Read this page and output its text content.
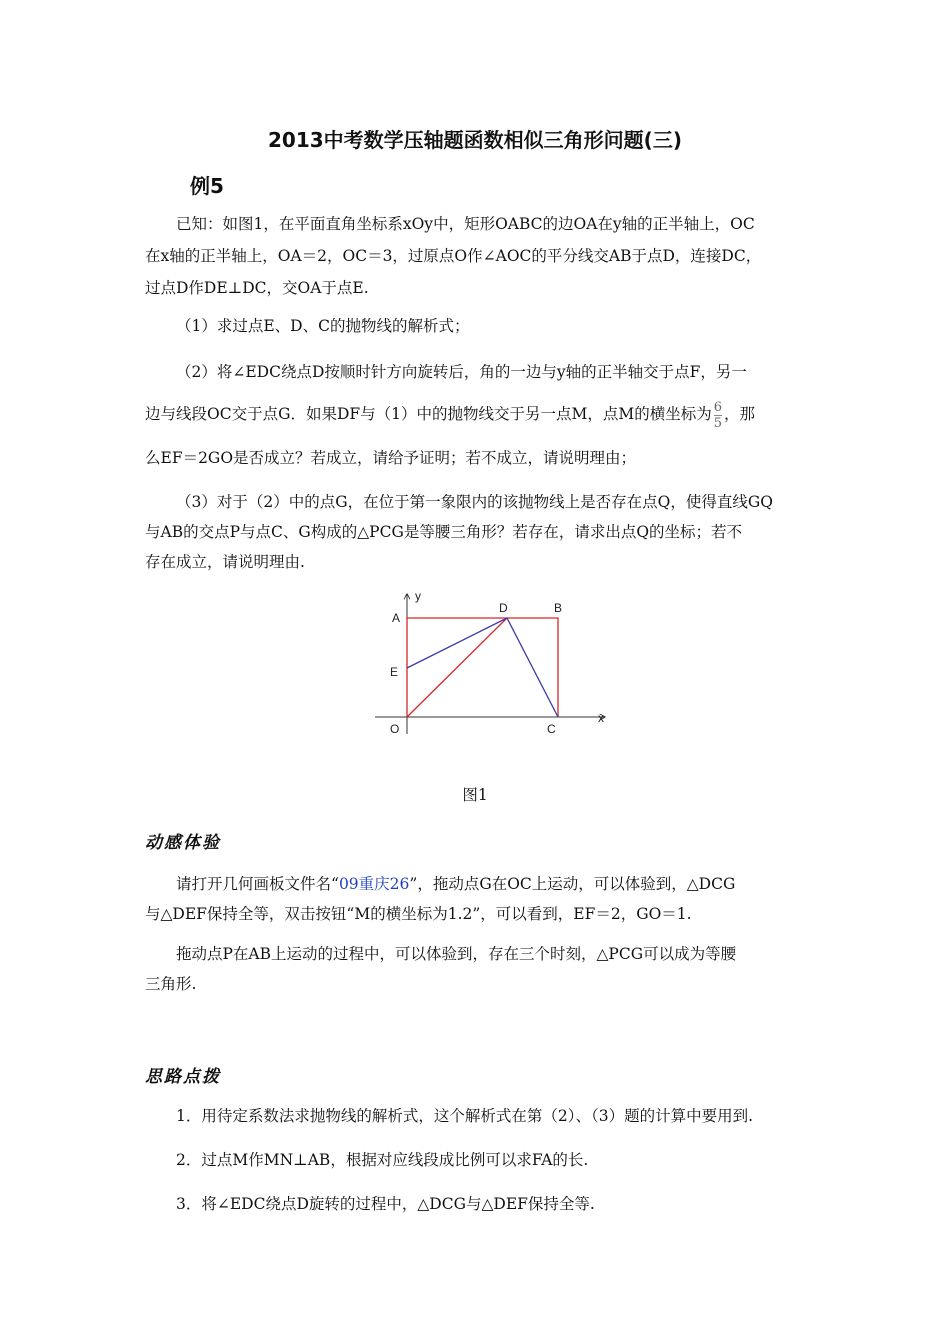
2013中考数学压轴题函数相似三角形问题(三)
例5
已知：如图1，在平面直角坐标系xOy中，矩形OABC的边OA在y轴的正半轴上，OC
在x轴的正半轴上，OA＝2，OC＝3，过原点O作∠AOC的平分线交AB于点D，连接DC，
过点D作DE⊥DC，交OA于点E.
（1）求过点E、D、C的抛物线的解析式；
（2）将∠EDC绕点D按顺时针方向旋转后，角的一边与y轴的正半轴交于点F，另一
边与线段OC交于点G．如果DF与（1）中的抛物线交于另一点M，点M的横坐标为 $\frac{6}{5}$ ，那
么EF＝2GO是否成立？若成立，请给予证明；若不成立，请说明理由；
（3）对于（2）中的点G，在位于第一象限内的该抛物线上是否存在点Q，使得直线GQ
与AB的交点P与点C、G构成的△PCG是等腰三角形？若存在，请求出点Q的坐标；若不
存在成立，请说明理由.
y
x
A
D	B
E
O	C
图1
动感体验
请打开几何画板文件名“09重庆26”，拖动点G在OC上运动，可以体验到，△DCG
与△DEF保持全等，双击按钮“M的横坐标为1.2”，可以看到，EF＝2，GO＝1.
拖动点P在AB上运动的过程中，可以体验到，存在三个时刻，△PCG可以成为等腰
三角形.
思路点拨
1．用待定系数法求抛物线的解析式，这个解析式在第（2）、（3）题的计算中要用到.
2．过点M作MN⊥AB，根据对应线段成比例可以求FA的长.
3．将∠EDC绕点D旋转的过程中，△DCG与△DEF保持全等.
